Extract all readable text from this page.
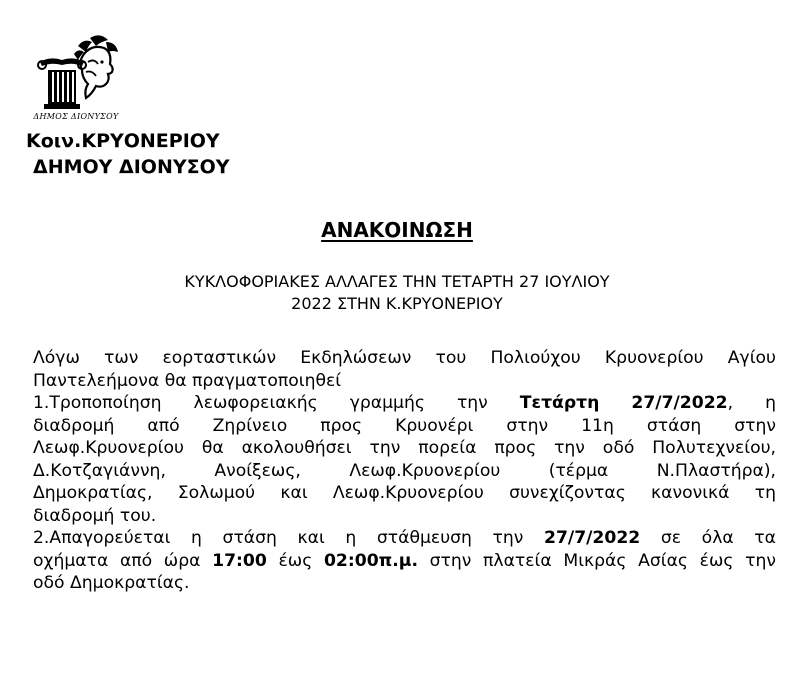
ΔΗΜΟΣ ΔΙΟΝΥΣΟΥ
Κοιν.ΚΡΥΟΝΕΡΙΟΥ
ΔΗΜΟΥ ΔΙΟΝΥΣΟΥ
ΑΝΑΚΟΙΝΩΣΗ
ΚΥΚΛΟΦΟΡΙΑΚΕΣ ΑΛΛΑΓΕΣ ΤΗΝ ΤΕΤΑΡΤΗ 27 ΙΟΥΛΙΟΥ
2022 ΣΤΗΝ Κ.ΚΡΥΟΝΕΡΙΟΥ
Λόγω των εορταστικών Εκδηλώσεων του Πολιούχου Κρυονερίου Αγίου
Παντελεήμονα θα πραγματοποιηθεί
1.Τροποποίηση λεωφορειακής γραμμής την Τετάρτη 27/7/2022, η
διαδρομή από Ζηρίνειο προς Κρυονέρι στην 11η στάση στην
Λεωφ.Κρυονερίου θα ακολουθήσει την πορεία προς την οδό Πολυτεχνείου,
Δ.Κοτζαγιάννη, Ανοίξεως, Λεωφ.Κρυονερίου (τέρμα Ν.Πλαστήρα),
Δημοκρατίας, Σολωμού και Λεωφ.Κρυονερίου συνεχίζοντας κανονικά τη
διαδρομή του.
2.Απαγορεύεται η στάση και η στάθμευση την 27/7/2022 σε όλα τα
οχήματα από ώρα 17:00 έως 02:00π.μ. στην πλατεία Μικράς Ασίας έως την
οδό Δημοκρατίας.
